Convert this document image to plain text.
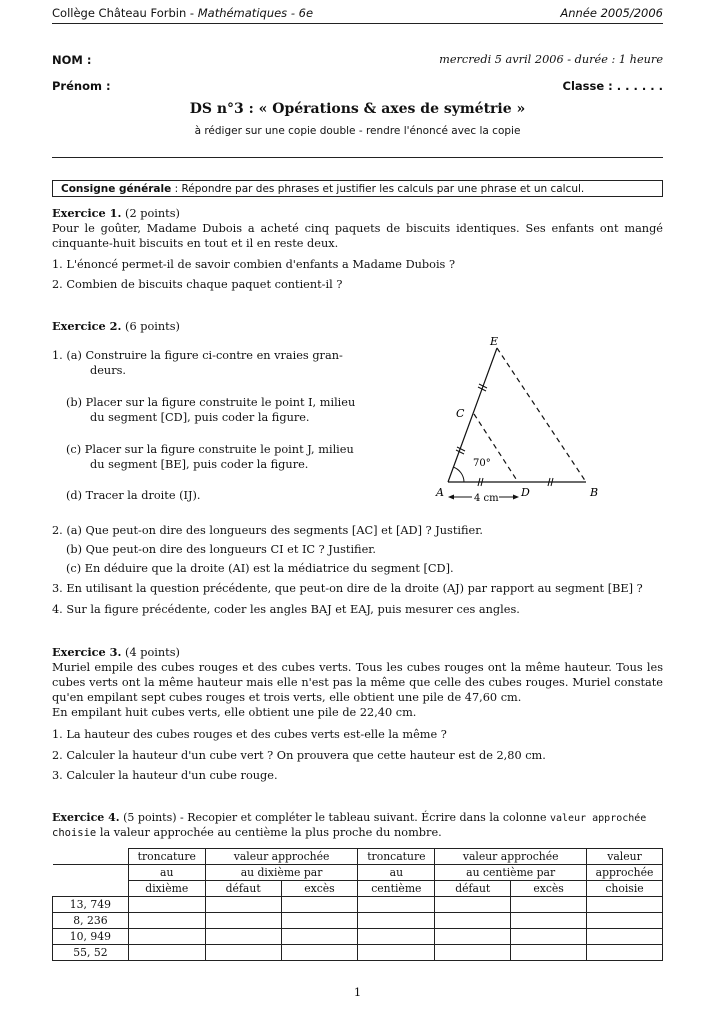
Collège Château Forbin - Mathématiques - 6e	Année 2005/2006
NOM :	mercredi 5 avril 2006 - durée : 1 heure
Prénom :	Classe : . . . . . .
DS n°3 : « Opérations & axes de symétrie »
à rédiger sur une copie double - rendre l'énoncé avec la copie
Consigne générale : Répondre par des phrases et justifier les calculs par une phrase et un calcul.
Exercice 1. (2 points)
Pour le goûter, Madame Dubois a acheté cinq paquets de biscuits identiques. Ses enfants ont mangé
cinquante-huit biscuits en tout et il en reste deux.
1. L'énoncé permet-il de savoir combien d'enfants a Madame Dubois ?
2. Combien de biscuits chaque paquet contient-il ?
Exercice 2. (6 points)
1. (a) Construire la figure ci-contre en vraies gran-
deurs.
(b) Placer sur la figure construite le point I, milieu
du segment [CD], puis coder la figure.
(c) Placer sur la figure construite le point J, milieu
du segment [BE], puis coder la figure.
(d) Tracer la droite (IJ).
E
C
A	D	B
70°
4 cm
2. (a) Que peut-on dire des longueurs des segments [AC] et [AD] ? Justifier.
(b) Que peut-on dire des longueurs CI et IC ? Justifier.
(c) En déduire que la droite (AI) est la médiatrice du segment [CD].
3. En utilisant la question précédente, que peut-on dire de la droite (AJ) par rapport au segment [BE] ?
4. Sur la figure précédente, coder les angles BAJ et EAJ, puis mesurer ces angles.
Exercice 3. (4 points)
Muriel empile des cubes rouges et des cubes verts. Tous les cubes rouges ont la même hauteur. Tous les
cubes verts ont la même hauteur mais elle n'est pas la même que celle des cubes rouges. Muriel constate
qu'en empilant sept cubes rouges et trois verts, elle obtient une pile de 47,60 cm.
En empilant huit cubes verts, elle obtient une pile de 22,40 cm.
1. La hauteur des cubes rouges et des cubes verts est-elle la même ?
2. Calculer la hauteur d'un cube vert ? On prouvera que cette hauteur est de 2,80 cm.
3. Calculer la hauteur d'un cube rouge.
Exercice 4. (5 points) - Recopier et compléter le tableau suivant. Écrire dans la colonne valeur approchée
choisie la valeur approchée au centième la plus proche du nombre.
	troncature	valeur approchée		troncature	valeur approchée		valeur
	au	au dixième par		au	au centième par		approchée
	dixième	défaut	excès	centième	défaut	excès	choisie
13, 749							
8, 236							
10, 949							
55, 52							
1
